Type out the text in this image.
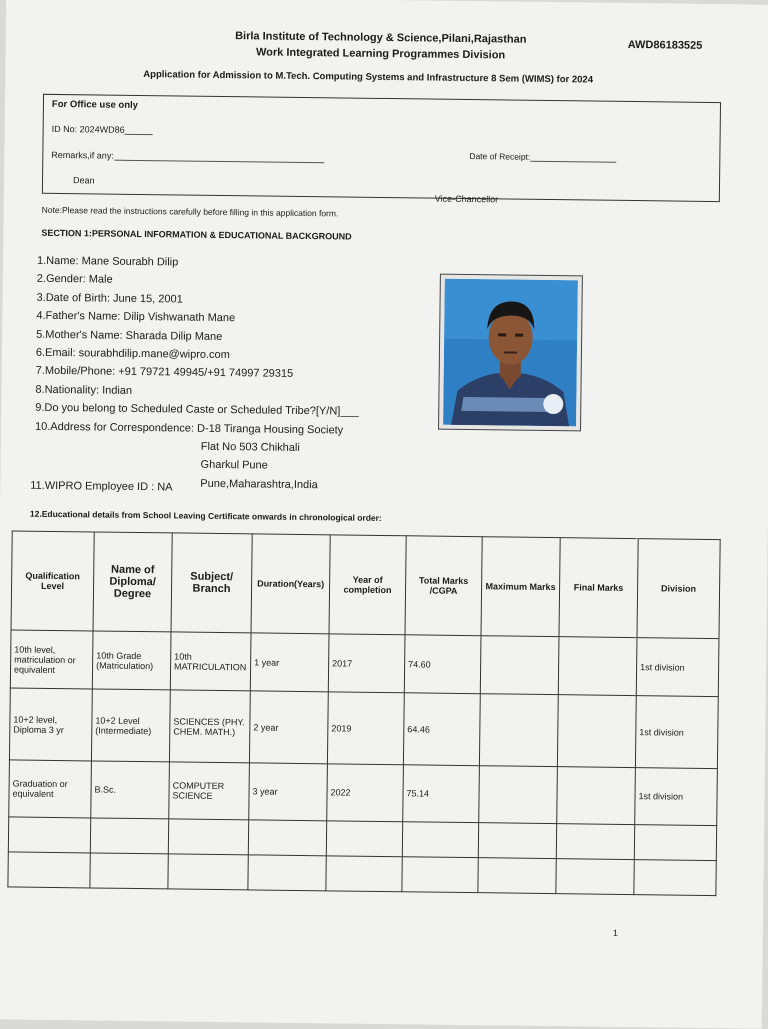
AWD86183525
Birla Institute of Technology & Science,Pilani,Rajasthan
Work Integrated Learning Programmes Division
Application for Admission to M.Tech. Computing Systems and Infrastructure 8 Sem (WIMS) for 2024
For Office use only
ID No: 2024WD86
Date of Receipt:
Remarks,if any:
Dean
Vice-Chancellor
Note:Please read the instructions carefully before filling in this application form.
SECTION 1:PERSONAL INFORMATION & EDUCATIONAL BACKGROUND
1.Name: Mane Sourabh Dilip
2.Gender: Male
3.Date of Birth: June 15, 2001
4.Father's Name: Dilip Vishwanath Mane
5.Mother's Name: Sharada Dilip Mane
6.Email: sourabhdilip.mane@wipro.com
7.Mobile/Phone: +91 79721 49945/+91 74997 29315
8.Nationality: Indian
9.Do you belong to Scheduled Caste or Scheduled Tribe?[Y/N]___
10.Address for Correspondence: D-18 Tiranga Housing Society
Flat No 503 Chikhali
Gharkul Pune
Pune,Maharashtra,India
11.WIPRO Employee ID : NA
12.Educational details from School Leaving Certificate onwards in chronological order:
Qualification Level	Name of Diploma/ Degree	Subject/ Branch	Duration(Years)	Year of completion	Total Marks /CGPA	Maximum Marks	Final Marks	Division
10th level, matriculation or equivalent	10th Grade (Matriculation)	10th MATRICULATION	1 year	2017	74.60			1st division
10+2 level, Diploma 3 yr	10+2 Level (Intermediate)	SCIENCES (PHY. CHEM. MATH.)	2 year	2019	64.46			1st division
Graduation or equivalent	B.Sc.	COMPUTER SCIENCE	3 year	2022	75.14			1st division

1
